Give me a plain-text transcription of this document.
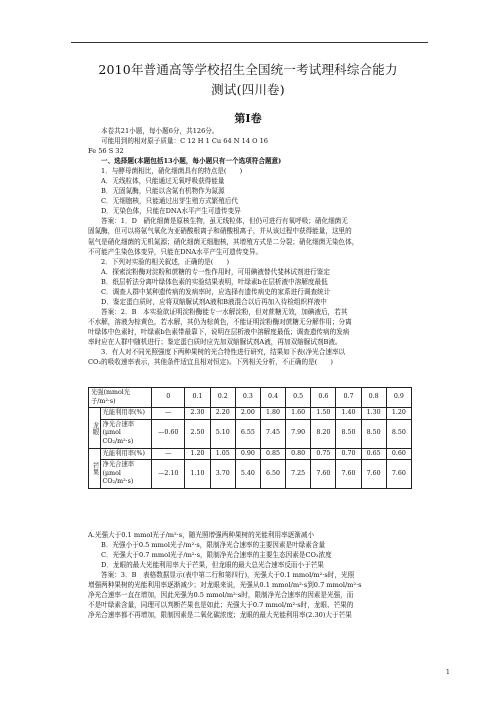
2010年普通高等学校招生全国统一考试理科综合能力
测试(四川卷)
第Ⅰ卷
本卷共21小题，每小题6分，共126分。
可能用到的相对原子质量：C 12 H 1 Cu 64 N 14 O 16
Fe 56 S 32
一、选择题(本题包括13小题，每小题只有一个选项符合题意)
1．与酵母菌相比，硝化细菌具有的特点是(　　)
A．无线粒体，只能通过无氧呼吸获得能量
B．无固氮酶，只能以含氮有机物作为氮源
C．无细胞核，只能通过出芽生殖方式繁殖后代
D．无染色体，只能在DNA水平产生可遗传变异
答案：1．D　硝化细菌是原核生物，虽无线粒体，但仍可进行有氧呼吸；硝化细菌无
固氮酶，但可以将氨气氧化为亚硝酸根离子和硝酸根离子，并从该过程中获得能量，这里的
氨气是硝化细菌的无机氮源；硝化细菌无细胞核，其增殖方式是二分裂；硝化细菌无染色体，
不可能产生染色体变异，只能在DNA水平产生可遗传变异。
2．下列对实验的相关叙述，正确的是(　　)
A．探索淀粉酶对淀粉和蔗糖的专一性作用时，可用碘液替代斐林试剂进行鉴定
B．纸层析法分离叶绿体色素的实验结果表明，叶绿素b在层析液中溶解度最低
C．调查人群中某种遗传病的发病率时，应选择有遗传病史的家系进行调查统计
D．鉴定蛋白质时，应将双缩脲试剂A液和B液混合以后再加入待检组织样液中
答案：2．B　本实验欲证明淀粉酶能专一水解淀粉，但对蔗糖无效，加碘液后，若其
不水解，溶液为棕黄色，若水解，其仍为棕黄色，不能证明淀粉酶对蔗糖无分解作用；分离
叶绿体中色素时，叶绿素b色素带最靠下，说明在层析液中溶解度最低；调查遗传病的发病
率时应在人群中随机进行；鉴定蛋白质时应先加双缩脲试剂A液，再加双缩脲试剂B液。
3．有人对不同光照强度下两种果树的光合特性进行研究，结果如下表(净光合速率以
CO₂的吸收速率表示，其他条件适宜且相对恒定)。下列相关分析，不正确的是(　　)
光强(mmol光子/m²·s)		0	0.1	0.2	0.3	0.4	0.5	0.6	0.7	0.8	0.9
龙眼	光能利用率(%)	—	2.30	2.20	2.00	1.80	1.60	1.50	1.40	1.30	1.20
	净光合速率(μmol CO₂/m²·s)	—0.60	2.50	5.10	6.55	7.45	7.90	8.20	8.50	8.50	8.50
芒果	光能利用率(%)	—	1.20	1.05	0.90	0.85	0.80	0.75	0.70	0.65	0.60
	净光合速率(μmol CO₂/m²·s)	—2.10	1.10	3.70	5.40	6.50	7.25	7.60	7.60	7.60	7.60
A.光强大于0.1 mmol光子/m²·s，随光照增强两种果树的光能利用率逐渐减小
B．光强小于0.5 mmol光子/m²·s，限制净光合速率的主要因素是叶绿素含量
C．光强大于0.7 mmol光子/m²·s，限制净光合速率的主要生态因素是CO₂浓度
D．龙眼的最大光能利用率大于芒果，但龙眼的最大总光合速率反而小于芒果
答案：3．B　表格数据显示(表中第二行和第四行)，光强大于0.1 mmol/m²·s时，光照
增强两种果树的光能利用率逐渐减少；对龙眼来说，光强从0.1 mmol/m²·s到0.7 mmol/m²·s
净光合速率一直在增加，因此光强为0.5 mmol/m²·s时，限制净光合速率的因素是光强，而
不是叶绿素含量，同理可以判断芒果也是如此；光强大于0.7 mmol/m²·s时，龙眼、芒果的
净光合速率都不再增加，限制因素是二氧化碳浓度；龙眼的最大光能利用率(2.30)大于芒果
1
